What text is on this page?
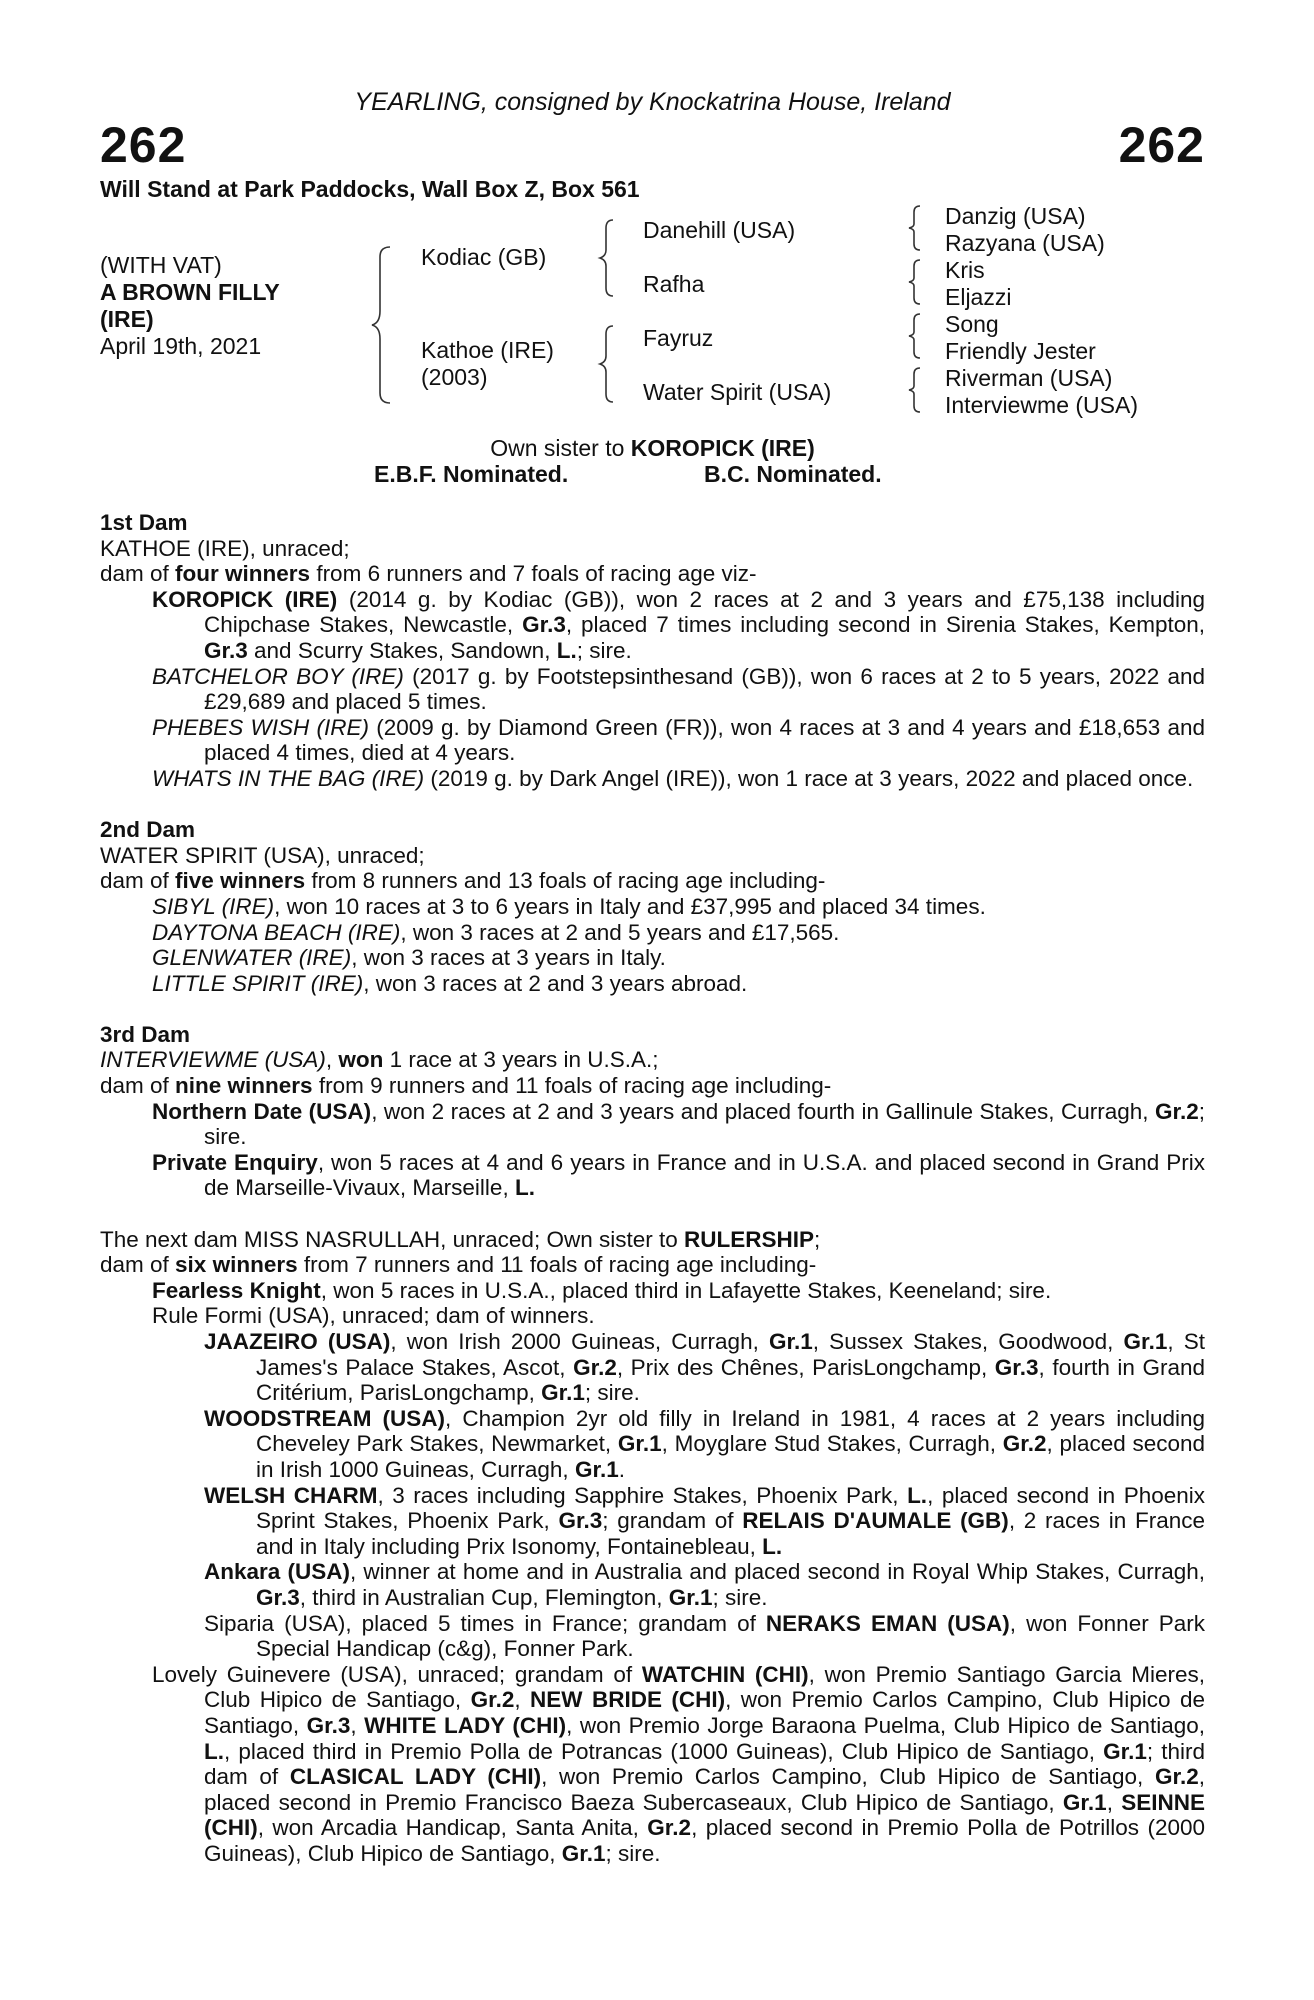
YEARLING, consigned by Knockatrina House, Ireland
262	262
Will Stand at Park Paddocks, Wall Box Z, Box 561
(WITH VAT)
A BROWN FILLY
(IRE)
April 19th, 2021
Kodiac (GB)
Kathoe (IRE)
(2003)
Danehill (USA)
Rafha
Fayruz
Water Spirit (USA)
Danzig (USA)
Razyana (USA)
Kris
Eljazzi
Song
Friendly Jester
Riverman (USA)
Interviewme (USA)
Own sister to KOROPICK (IRE)
E.B.F. Nominated.	B.C. Nominated.
1st Dam
KATHOE (IRE), unraced;
dam of four winners from 6 runners and 7 foals of racing age viz-
KOROPICK (IRE) (2014 g. by Kodiac (GB)), won 2 races at 2 and 3 years and £75,138 including Chipchase Stakes, Newcastle, Gr.3, placed 7 times including second in Sirenia Stakes, Kempton, Gr.3 and Scurry Stakes, Sandown, L.; sire.
BATCHELOR BOY (IRE) (2017 g. by Footstepsinthesand (GB)), won 6 races at 2 to 5 years, 2022 and £29,689 and placed 5 times.
PHEBES WISH (IRE) (2009 g. by Diamond Green (FR)), won 4 races at 3 and 4 years and £18,653 and placed 4 times, died at 4 years.
WHATS IN THE BAG (IRE) (2019 g. by Dark Angel (IRE)), won 1 race at 3 years, 2022 and placed once.
2nd Dam
WATER SPIRIT (USA), unraced;
dam of five winners from 8 runners and 13 foals of racing age including-
SIBYL (IRE), won 10 races at 3 to 6 years in Italy and £37,995 and placed 34 times.
DAYTONA BEACH (IRE), won 3 races at 2 and 5 years and £17,565.
GLENWATER (IRE), won 3 races at 3 years in Italy.
LITTLE SPIRIT (IRE), won 3 races at 2 and 3 years abroad.
3rd Dam
INTERVIEWME (USA), won 1 race at 3 years in U.S.A.;
dam of nine winners from 9 runners and 11 foals of racing age including-
Northern Date (USA), won 2 races at 2 and 3 years and placed fourth in Gallinule Stakes, Curragh, Gr.2; sire.
Private Enquiry, won 5 races at 4 and 6 years in France and in U.S.A. and placed second in Grand Prix de Marseille-Vivaux, Marseille, L.
The next dam MISS NASRULLAH, unraced; Own sister to RULERSHIP;
dam of six winners from 7 runners and 11 foals of racing age including-
Fearless Knight, won 5 races in U.S.A., placed third in Lafayette Stakes, Keeneland; sire.
Rule Formi (USA), unraced; dam of winners.
JAAZEIRO (USA), won Irish 2000 Guineas, Curragh, Gr.1, Sussex Stakes, Goodwood, Gr.1, St James's Palace Stakes, Ascot, Gr.2, Prix des Chênes, ParisLongchamp, Gr.3, fourth in Grand Critérium, ParisLongchamp, Gr.1; sire.
WOODSTREAM (USA), Champion 2yr old filly in Ireland in 1981, 4 races at 2 years including Cheveley Park Stakes, Newmarket, Gr.1, Moyglare Stud Stakes, Curragh, Gr.2, placed second in Irish 1000 Guineas, Curragh, Gr.1.
WELSH CHARM, 3 races including Sapphire Stakes, Phoenix Park, L., placed second in Phoenix Sprint Stakes, Phoenix Park, Gr.3; grandam of RELAIS D'AUMALE (GB), 2 races in France and in Italy including Prix Isonomy, Fontainebleau, L.
Ankara (USA), winner at home and in Australia and placed second in Royal Whip Stakes, Curragh, Gr.3, third in Australian Cup, Flemington, Gr.1; sire.
Siparia (USA), placed 5 times in France; grandam of NERAKS EMAN (USA), won Fonner Park Special Handicap (c&g), Fonner Park.
Lovely Guinevere (USA), unraced; grandam of WATCHIN (CHI), won Premio Santiago Garcia Mieres, Club Hipico de Santiago, Gr.2, NEW BRIDE (CHI), won Premio Carlos Campino, Club Hipico de Santiago, Gr.3, WHITE LADY (CHI), won Premio Jorge Baraona Puelma, Club Hipico de Santiago, L., placed third in Premio Polla de Potrancas (1000 Guineas), Club Hipico de Santiago, Gr.1; third dam of CLASICAL LADY (CHI), won Premio Carlos Campino, Club Hipico de Santiago, Gr.2, placed second in Premio Francisco Baeza Subercaseaux, Club Hipico de Santiago, Gr.1, SEINNE (CHI), won Arcadia Handicap, Santa Anita, Gr.2, placed second in Premio Polla de Potrillos (2000 Guineas), Club Hipico de Santiago, Gr.1; sire.
